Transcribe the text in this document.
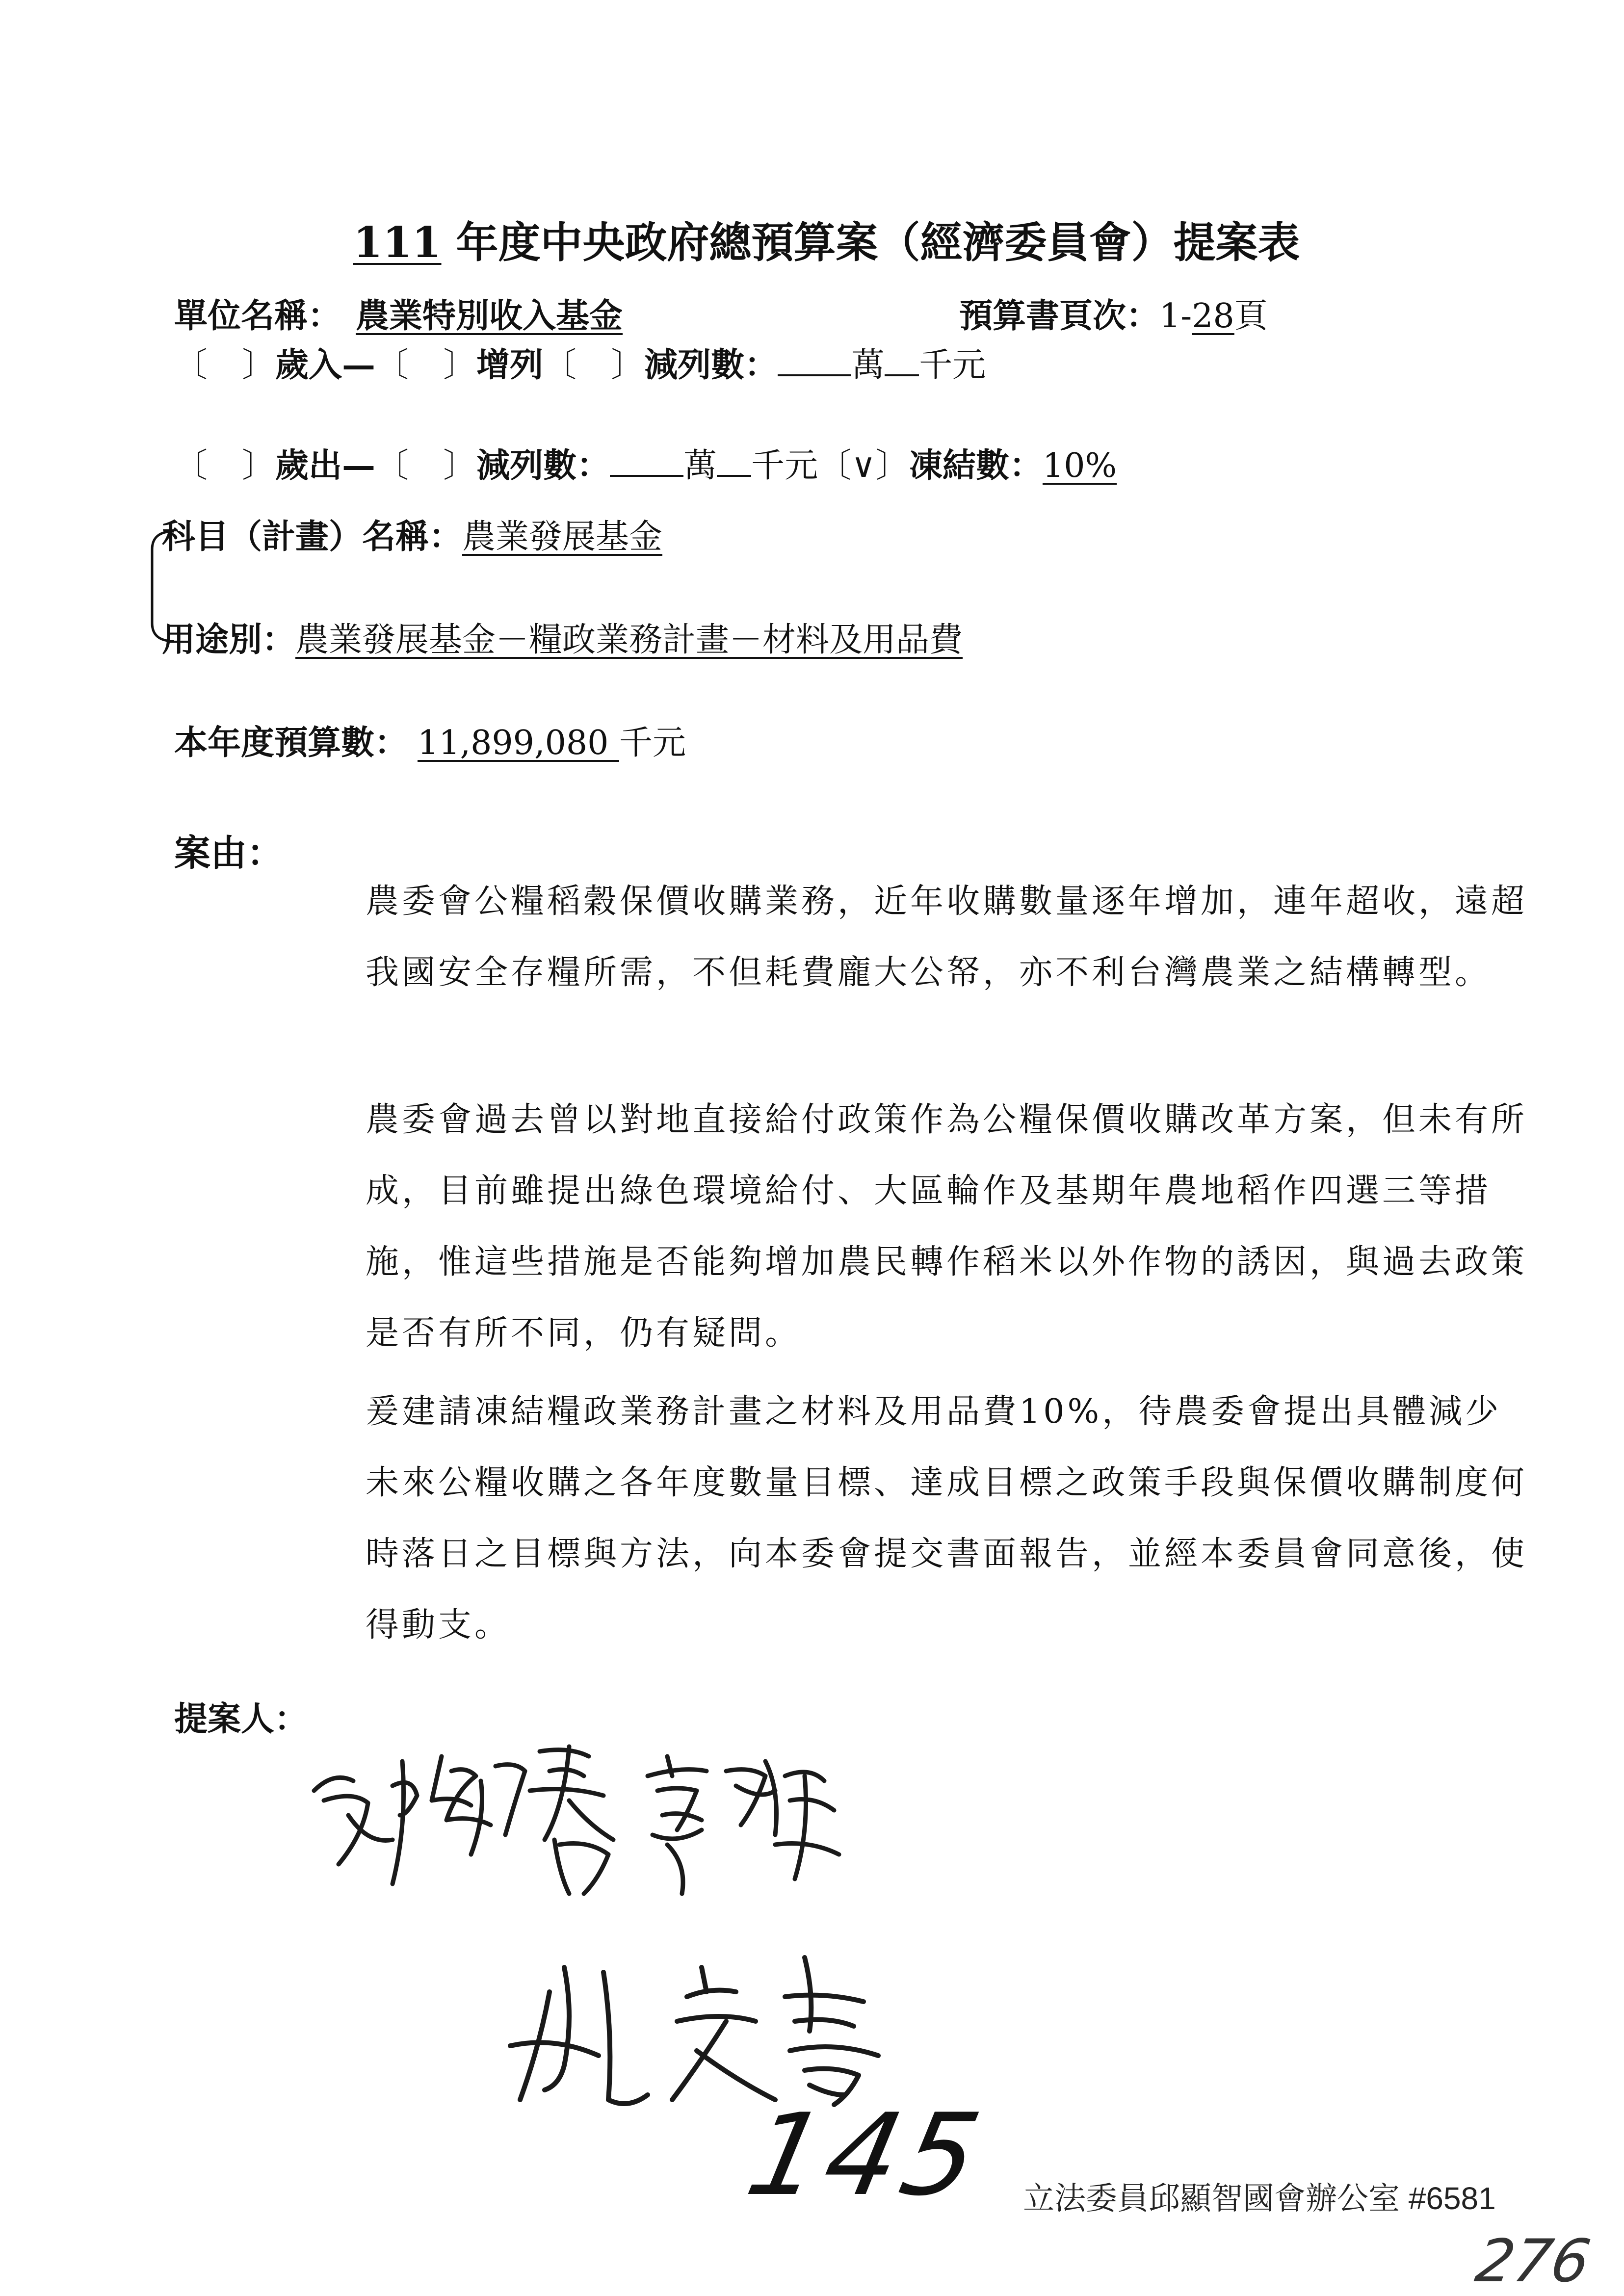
111 年度中央政府總預算案（經濟委員會）提案表
單位名稱： 農業特別收入基金	預算書頁次：1-28頁
〔 〕歲入—〔 〕增列〔 〕減列數： 萬 千元
〔 〕歲出—〔 〕減列數： 萬 千元〔∨〕凍結數：10%
科目（計畫）名稱：農業發展基金
用途別：農業發展基金－糧政業務計畫－材料及用品費
本年度預算數： 11,899,080 千元
案由：
農委會公糧稻穀保價收購業務，近年收購數量逐年增加，連年超收，遠超我國安全存糧所需，不但耗費龐大公帑，亦不利台灣農業之結構轉型。
農委會過去曾以對地直接給付政策作為公糧保價收購改革方案，但未有所成，目前雖提出綠色環境給付、大區輪作及基期年農地稻作四選三等措施，惟這些措施是否能夠增加農民轉作稻米以外作物的誘因，與過去政策是否有所不同，仍有疑問。
爰建請凍結糧政業務計畫之材料及用品費10%，待農委會提出具體減少未來公糧收購之各年度數量目標、達成目標之政策手段與保價收購制度何時落日之目標與方法，向本委會提交書面報告，並經本委員會同意後，使得動支。
提案人：
145 立法委員邱顯智國會辦公室 #6581
276
